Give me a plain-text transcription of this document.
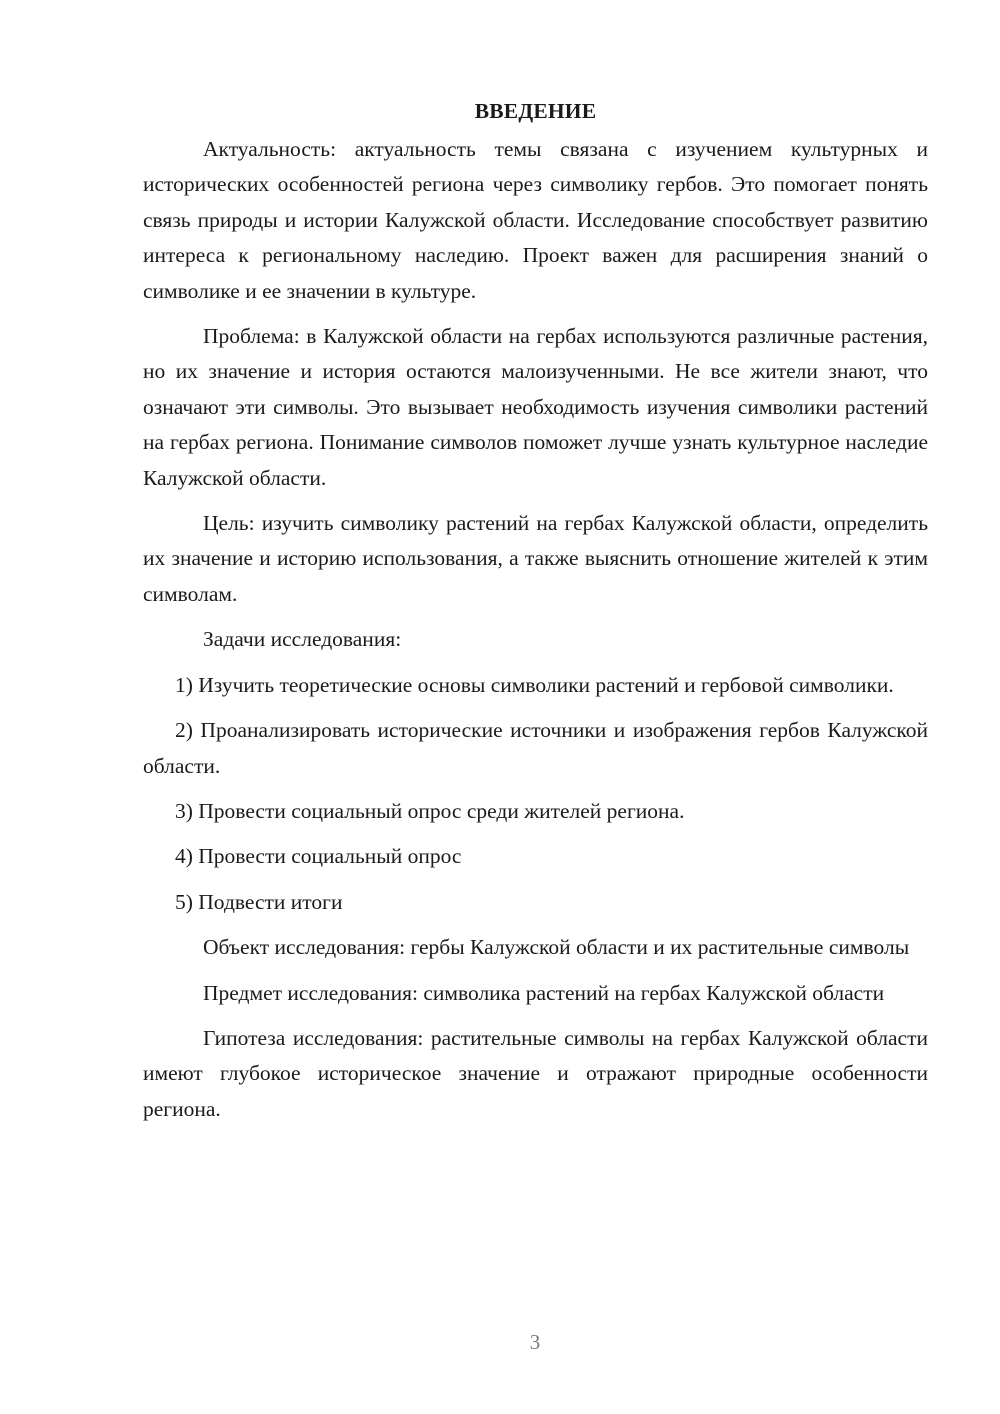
ВВЕДЕНИЕ

Актуальность: актуальность темы связана с изучением культурных и исторических особенностей региона через символику гербов. Это помогает понять связь природы и истории Калужской области. Исследование способствует развитию интереса к региональному наследию. Проект важен для расширения знаний о символике и ее значении в культуре.

Проблема: в Калужской области на гербах используются различные растения, но их значение и история остаются малоизученными. Не все жители знают, что означают эти символы. Это вызывает необходимость изучения символики растений на гербах региона. Понимание символов поможет лучше узнать культурное наследие Калужской области.

Цель: изучить символику растений на гербах Калужской области, определить их значение и историю использования, а также выяснить отношение жителей к этим символам.

Задачи исследования:

1) Изучить теоретические основы символики растений и гербовой символики.

2) Проанализировать исторические источники и изображения гербов Калужской области.

3) Провести социальный опрос среди жителей региона.

4) Провести социальный опрос

5) Подвести итоги

Объект исследования: гербы Калужской области и их растительные символы

Предмет исследования: символика растений на гербах Калужской области

Гипотеза исследования: растительные символы на гербах Калужской области имеют глубокое историческое значение и отражают природные особенности региона.

3
